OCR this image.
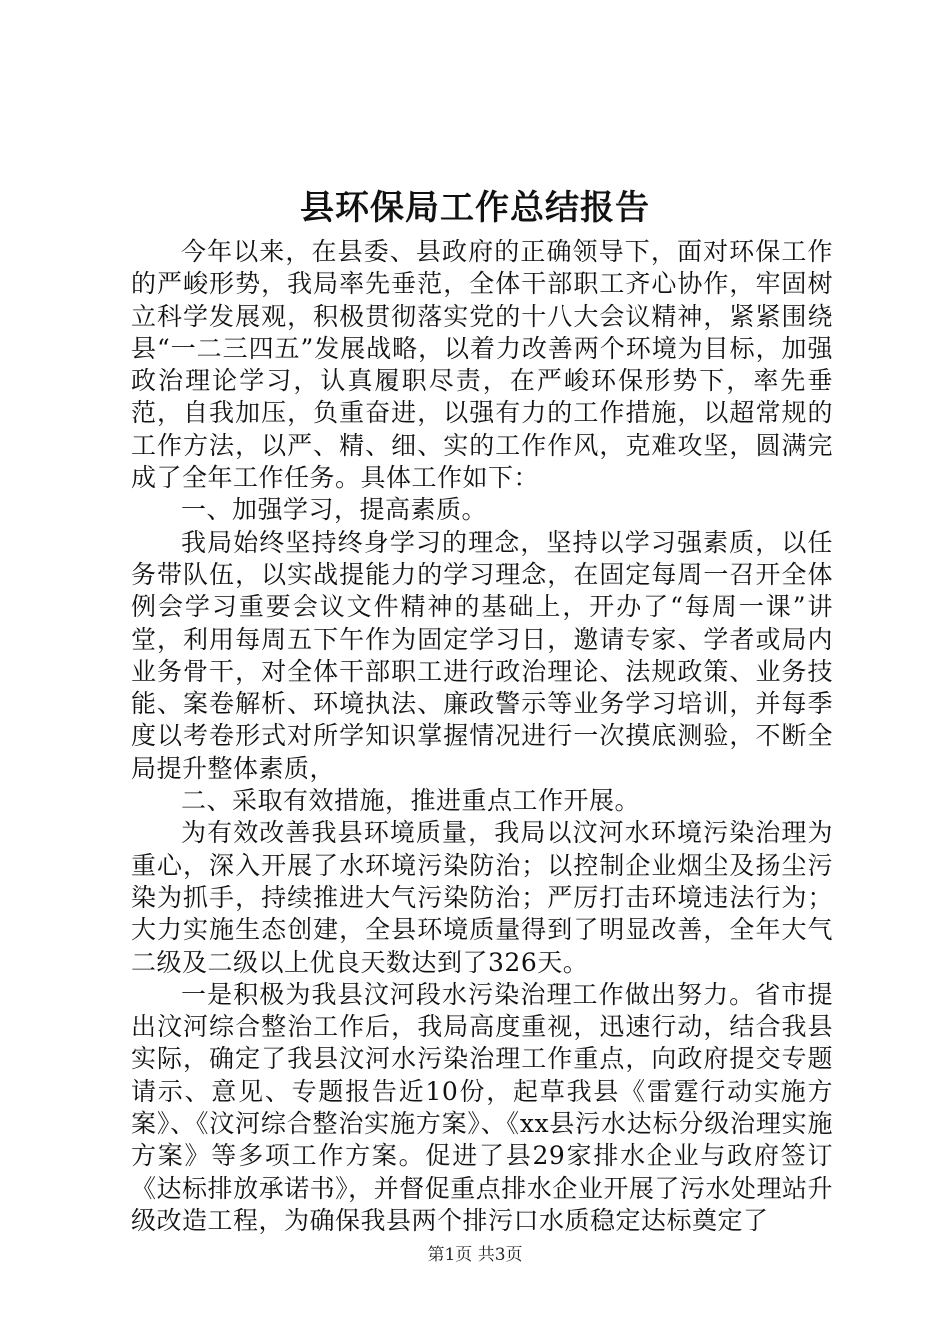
县环保局工作总结报告

今年以来，在县委、县政府的正确领导下，面对环保工作的严峻形势，我局率先垂范，全体干部职工齐心协作，牢固树立科学发展观，积极贯彻落实党的十八大会议精神，紧紧围绕县“一二三四五”发展战略，以着力改善两个环境为目标，加强政治理论学习，认真履职尽责，在严峻环保形势下，率先垂范，自我加压，负重奋进，以强有力的工作措施，以超常规的工作方法，以严、精、细、实的工作作风，克难攻坚，圆满完成了全年工作任务。具体工作如下：

一、加强学习，提高素质。

我局始终坚持终身学习的理念，坚持以学习强素质，以任务带队伍，以实战提能力的学习理念，在固定每周一召开全体例会学习重要会议文件精神的基础上，开办了“每周一课”讲堂，利用每周五下午作为固定学习日，邀请专家、学者或局内业务骨干，对全体干部职工进行政治理论、法规政策、业务技能、案卷解析、环境执法、廉政警示等业务学习培训，并每季度以考卷形式对所学知识掌握情况进行一次摸底测验，不断全局提升整体素质，

二、采取有效措施，推进重点工作开展。

为有效改善我县环境质量，我局以汶河水环境污染治理为重心，深入开展了水环境污染防治；以控制企业烟尘及扬尘污染为抓手，持续推进大气污染防治；严厉打击环境违法行为；大力实施生态创建，全县环境质量得到了明显改善，全年大气二级及二级以上优良天数达到了326天。

一是积极为我县汶河段水污染治理工作做出努力。省市提出汶河综合整治工作后，我局高度重视，迅速行动，结合我县实际，确定了我县汶河水污染治理工作重点，向政府提交专题请示、意见、专题报告近10份，起草我县《雷霆行动实施方案》、《汶河综合整治实施方案》、《xx县污水达标分级治理实施方案》等多项工作方案。促进了县29家排水企业与政府签订《达标排放承诺书》，并督促重点排水企业开展了污水处理站升级改造工程，为确保我县两个排污口水质稳定达标奠定了

第1页 共3页
